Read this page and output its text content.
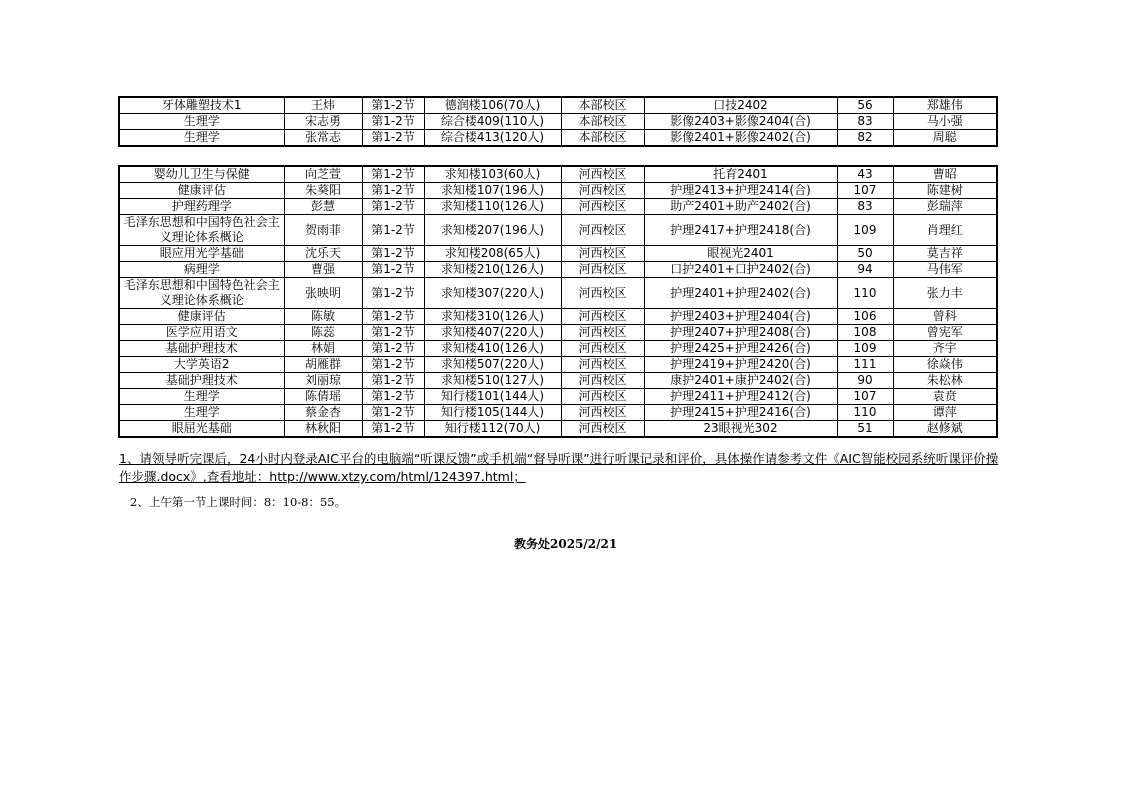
牙体雕塑技术1	王炜	第1-2节	德润楼106(70人)	本部校区	口技2402	56	郑雄伟
生理学	宋志勇	第1-2节	综合楼409(110人)	本部校区	影像2403+影像2404(合)	83	马小强
生理学	张常志	第1-2节	综合楼413(120人)	本部校区	影像2401+影像2402(合)	82	周聪
婴幼儿卫生与保健	向芝萱	第1-2节	求知楼103(60人)	河西校区	托育2401	43	曹昭
健康评估	朱葵阳	第1-2节	求知楼107(196人)	河西校区	护理2413+护理2414(合)	107	陈建树
护理药理学	彭慧	第1-2节	求知楼110(126人)	河西校区	助产2401+助产2402(合)	83	彭瑞萍
毛泽东思想和中国特色社会主义理论体系概论	贺雨菲	第1-2节	求知楼207(196人)	河西校区	护理2417+护理2418(合)	109	肖理红
眼应用光学基础	沈乐天	第1-2节	求知楼208(65人)	河西校区	眼视光2401	50	莫吉祥
病理学	曹强	第1-2节	求知楼210(126人)	河西校区	口护2401+口护2402(合)	94	马伟军
毛泽东思想和中国特色社会主义理论体系概论	张映明	第1-2节	求知楼307(220人)	河西校区	护理2401+护理2402(合)	110	张力丰
健康评估	陈敏	第1-2节	求知楼310(126人)	河西校区	护理2403+护理2404(合)	106	曾科
医学应用语文	陈蕊	第1-2节	求知楼407(220人)	河西校区	护理2407+护理2408(合)	108	曾宪军
基础护理技术	林娟	第1-2节	求知楼410(126人)	河西校区	护理2425+护理2426(合)	109	齐宇
大学英语2	胡雁群	第1-2节	求知楼507(220人)	河西校区	护理2419+护理2420(合)	111	徐焱伟
基础护理技术	刘丽琼	第1-2节	求知楼510(127人)	河西校区	康护2401+康护2402(合)	90	朱松林
生理学	陈倩瑶	第1-2节	知行楼101(144人)	河西校区	护理2411+护理2412(合)	107	袁贲
生理学	蔡金杏	第1-2节	知行楼105(144人)	河西校区	护理2415+护理2416(合)	110	谭萍
眼屈光基础	林秋阳	第1-2节	知行楼112(70人)	河西校区	23眼视光302	51	赵修斌
1、请领导听完课后，24小时内登录AIC平台的电脑端“听课反馈”或手机端“督导听课”进行听课记录和评价，具体操作请参考文件《AIC智能校园系统听课评价操作步骤.docx》,查看地址：http://www.xtzy.com/html/124397.html；
2、上午第一节上课时间：8：10-8：55。
教务处2025/2/21
